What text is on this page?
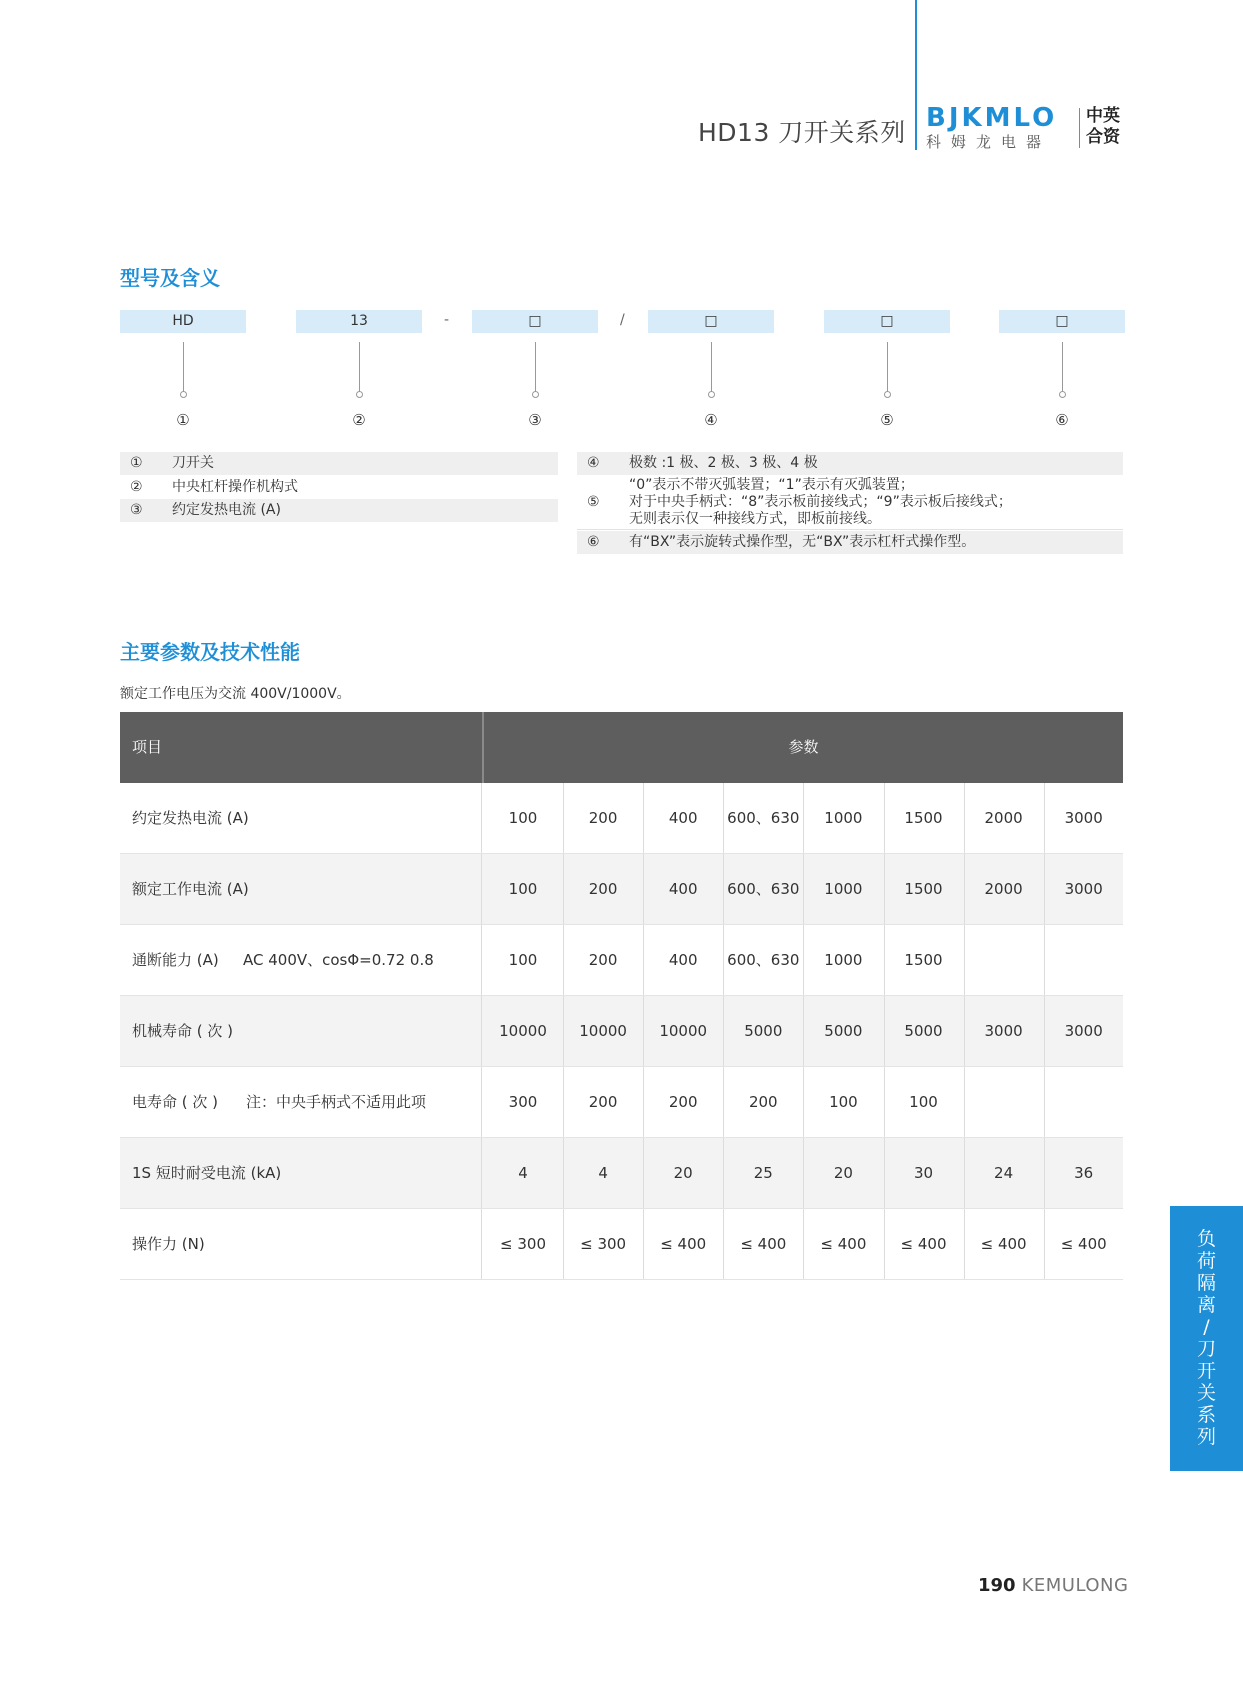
HD13 刀开关系列 BJKMLO
科姆龙电器
中英
合资
型号及含义
HD	13	-	□	/	□	□	□
①	②	③	④	⑤	⑥
① 刀开关
② 中央杠杆操作机构式
③ 约定发热电流 (A)
④ 极数 :1 极、2 极、3 极、4 极
⑤
“0”表示不带灭弧装置；“1”表示有灭弧装置；
对于中央手柄式：“8”表示板前接线式；“9”表示板后接线式；
无则表示仅一种接线方式，即板前接线。
⑥ 有“BX”表示旋转式操作型，无“BX”表示杠杆式操作型。
主要参数及技术性能
额定工作电压为交流 400V/1000V。
项目	参数
约定发热电流 (A)	100	200	400	600、630	1000	1500	2000	3000
额定工作电流 (A)	100	200	400	600、630	1000	1500	2000	3000
通断能力 (A) AC 400V、cosΦ=0.72 0.8	100	200	400	600、630	1000	1500
机械寿命 ( 次 )	10000	10000	10000	5000	5000	5000	3000	3000
电寿命 ( 次 ) 注：中央手柄式不适用此项	300	200	200	200	100	100
1S 短时耐受电流 (kA)	4	4	20	25	20	30	24	36
操作力 (N)	≤ 300	≤ 300	≤ 400	≤ 400	≤ 400	≤ 400	≤ 400	≤ 400	负
荷
隔
离
/
刀
开
关
系
列
190 KEMULONG
